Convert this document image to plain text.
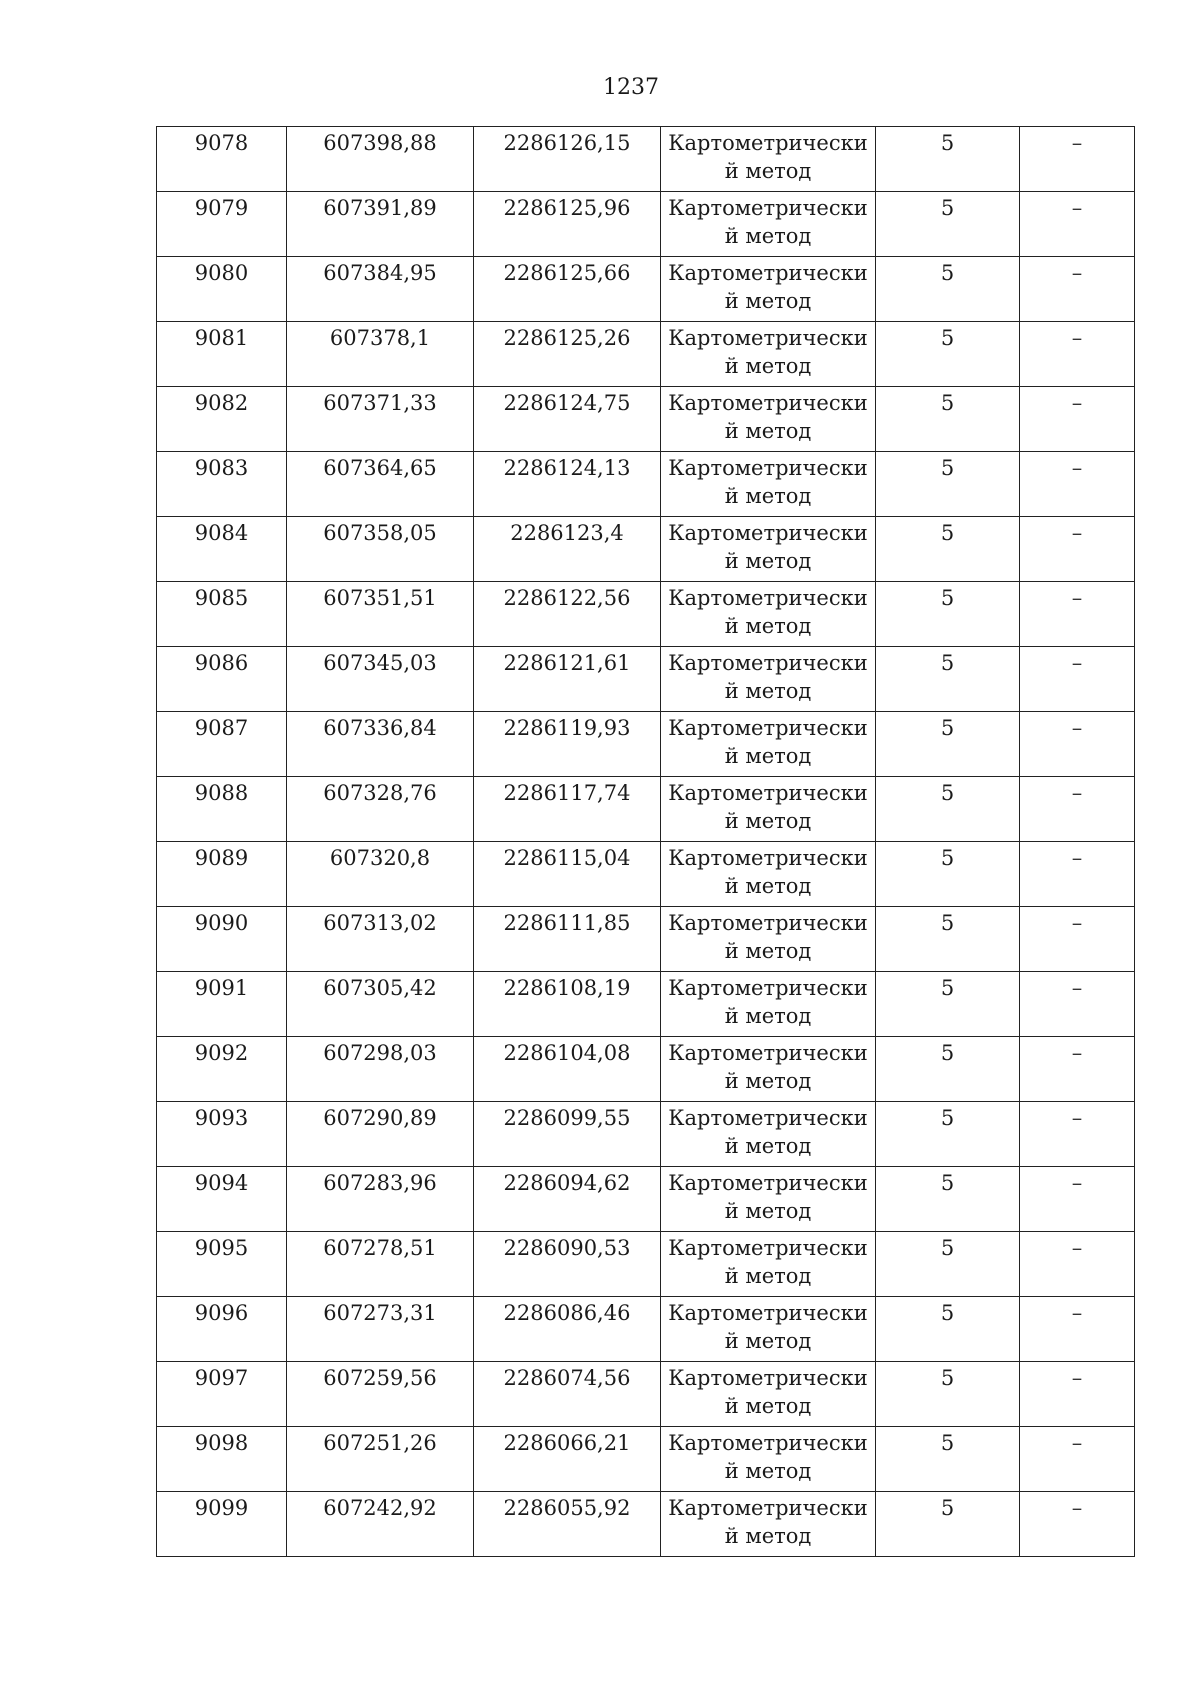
1237
9078	607398,88	2286126,15	Картометрически й метод	5	–
9079	607391,89	2286125,96	Картометрически й метод	5	–
9080	607384,95	2286125,66	Картометрически й метод	5	–
9081	607378,1	2286125,26	Картометрически й метод	5	–
9082	607371,33	2286124,75	Картометрически й метод	5	–
9083	607364,65	2286124,13	Картометрически й метод	5	–
9084	607358,05	2286123,4	Картометрически й метод	5	–
9085	607351,51	2286122,56	Картометрически й метод	5	–
9086	607345,03	2286121,61	Картометрически й метод	5	–
9087	607336,84	2286119,93	Картометрически й метод	5	–
9088	607328,76	2286117,74	Картометрически й метод	5	–
9089	607320,8	2286115,04	Картометрически й метод	5	–
9090	607313,02	2286111,85	Картометрически й метод	5	–
9091	607305,42	2286108,19	Картометрически й метод	5	–
9092	607298,03	2286104,08	Картометрически й метод	5	–
9093	607290,89	2286099,55	Картометрически й метод	5	–
9094	607283,96	2286094,62	Картометрически й метод	5	–
9095	607278,51	2286090,53	Картометрически й метод	5	–
9096	607273,31	2286086,46	Картометрически й метод	5	–
9097	607259,56	2286074,56	Картометрически й метод	5	–
9098	607251,26	2286066,21	Картометрически й метод	5	–
9099	607242,92	2286055,92	Картометрически й метод	5	–
